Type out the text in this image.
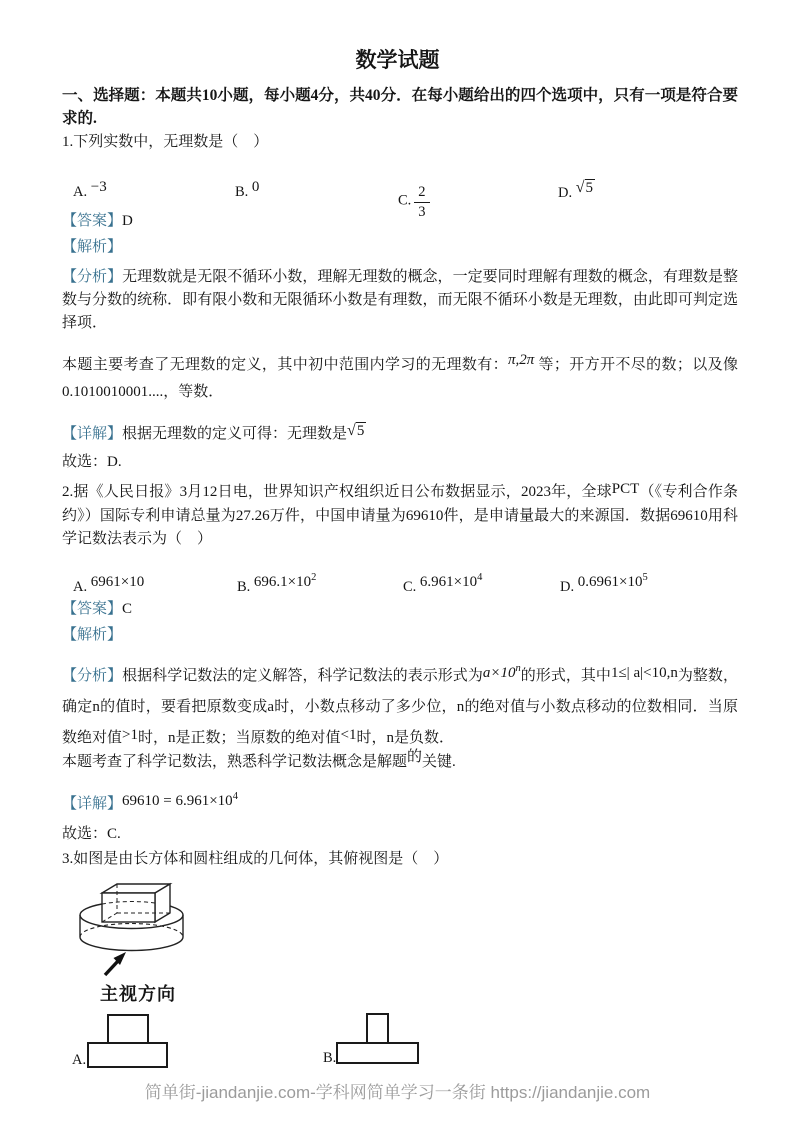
数学试题
一、选择题：本题共10小题，每小题4分，共40分．在每小题给出的四个选项中，只有一项是符合要求的.
1.下列实数中，无理数是（　）
A. −3	B. 0
C. $\frac{2}{3}$	D. √5
【答案】D
【解析】
【分析】无理数就是无限不循环小数，理解无理数的概念，一定要同时理解有理数的概念，有理数是整数与分数的统称．即有限小数和无限循环小数是有理数，而无限不循环小数是无理数，由此即可判定选择项．
本题主要考查了无理数的定义，其中初中范围内学习的无理数有：π,2π 等；开方开不尽的数；以及像0.1010010001....，等数．
【详解】根据无理数的定义可得：无理数是√5
故选：D.
2.据《人民日报》3月12日电，世界知识产权组织近日公布数据显示，2023年，全球PCT（《专利合作条约》）国际专利申请总量为27.26万件，中国申请量为69610件，是申请量最大的来源国．数据69610用科学记数法表示为（　）
A. 6961×10	B. $696.1\times 10^2$
C. $6.961\times 10^4$
D. $0.6961\times 10^5$
【答案】C
【解析】
【分析】根据科学记数法的定义解答，科学记数法的表示形式为$a\times 10^n$的形式，其中1≤| a|<10,n为整数，确定n的值时，要看把原数变成a时，小数点移动了多少位，n的绝对值与小数点移动的位数相同．当原数绝对值>1时，n是正数；当原数的绝对值<1时，n是负数．
本题考查了科学记数法，熟悉科学记数法概念是解题的关键.
【详解】$69610 = 6.961\times 10^4$
故选：C.
3.如图是由长方体和圆柱组成的几何体，其俯视图是（　）
主视方向
A.	B.
简单街-jiandanjie.com-学科网简单学习一条街 https://jiandanjie.com
